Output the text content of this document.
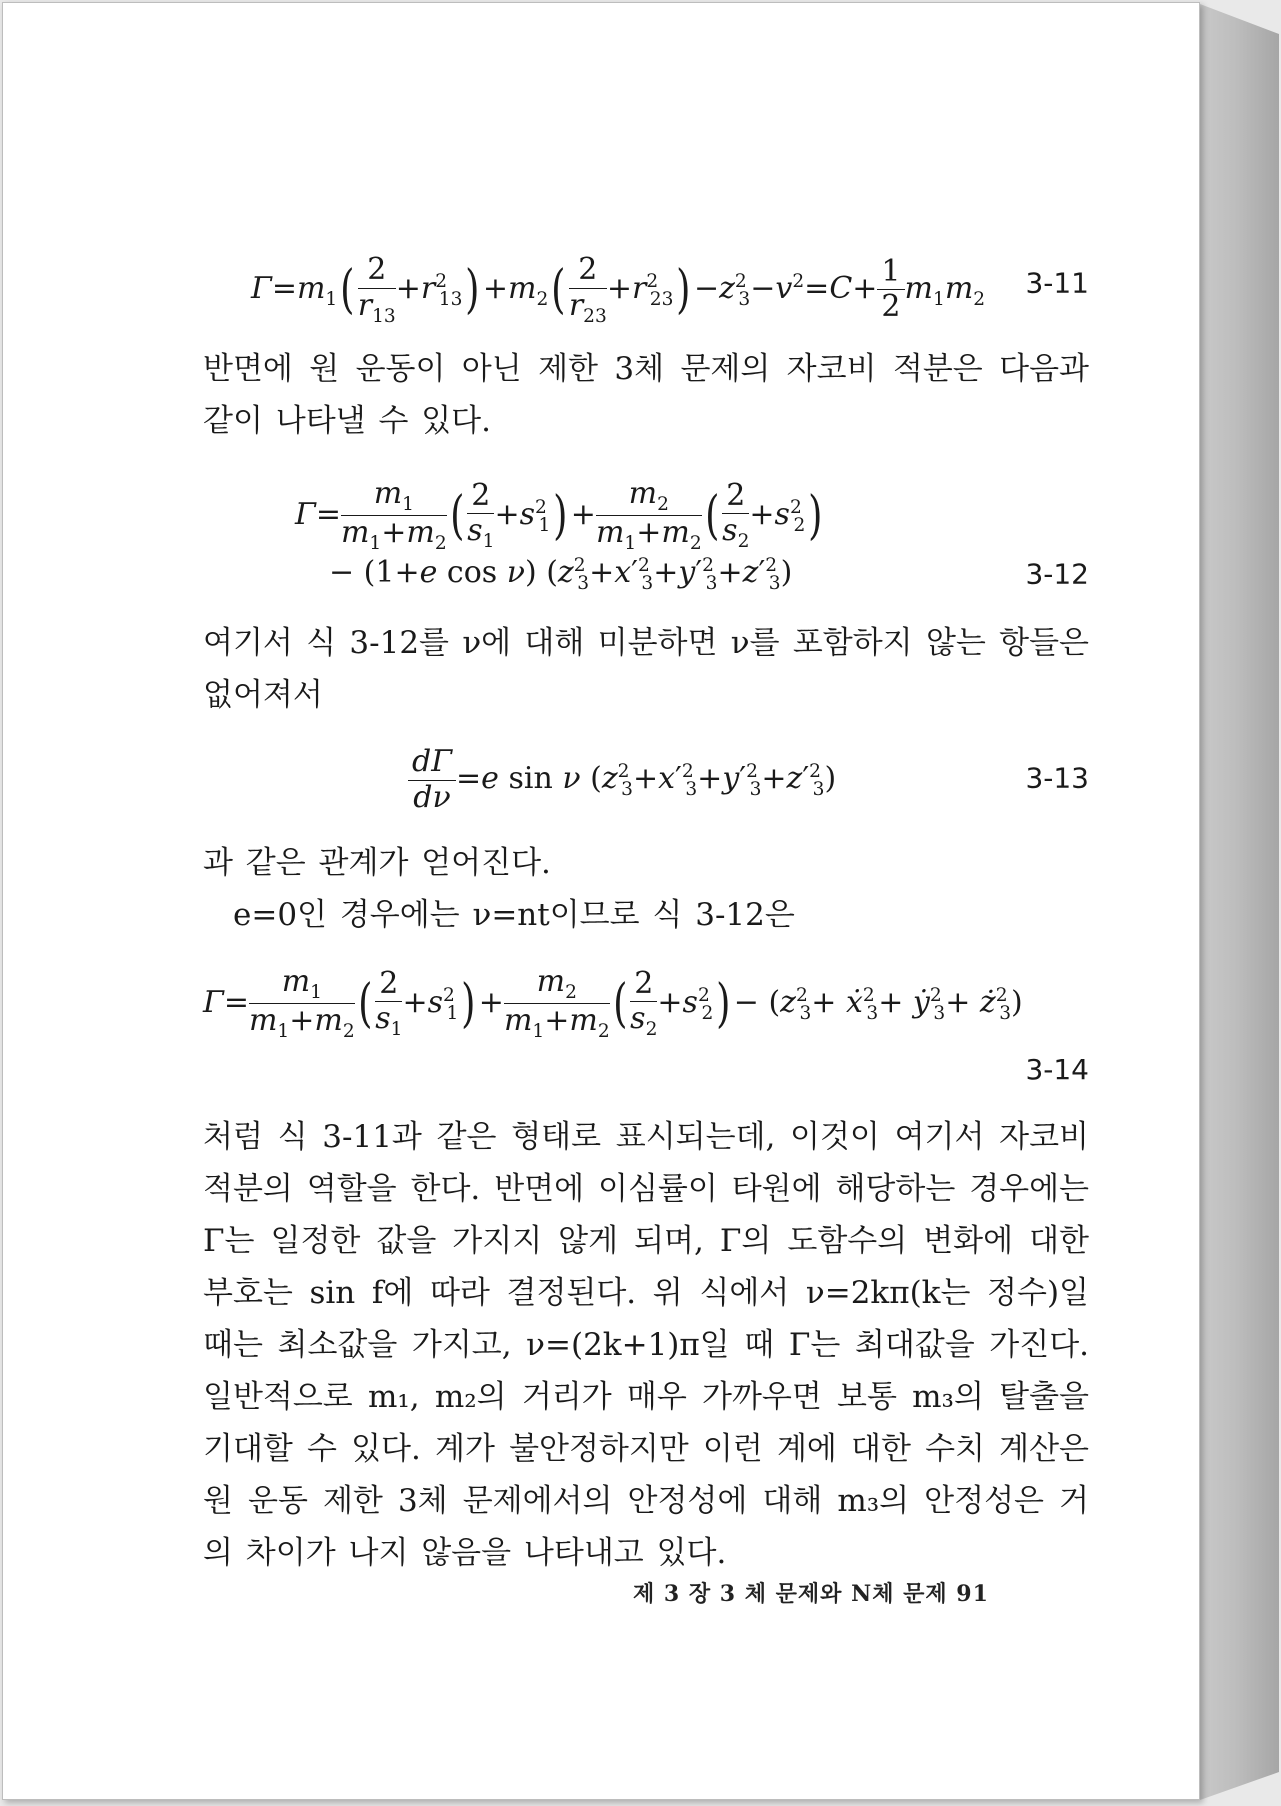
$\Gamma=m_1( \frac{2}{r_{13}} +r^2_{13}) +m_2( \frac{2}{r_{23}} +r^2_{23}) -z^2_3-v^2=C+ \frac{1}{2} m_1m_2$ 3-11
반면에 원 운동이 아닌 제한 3체 문제의 자코비 적분은 다음과 같이 나타낼 수 있다.
$\Gamma= \frac{m_1}{m_1+m_2}$ ( $\frac{2}{s_1} +s^2_1) + \frac{m_2}{m_1+m_2}$ ( $\frac{2}{s_2} +s^2_2$)
− (1+e cos ν) $(z^2_3+x'^2_3+y'^2_3+z'^2_3)$	3-12
여기서 식 3-12를 ν에 대해 미분하면 ν를 포함하지 않는 항들은 없어져서
$\frac{d\Gamma}{d\nu} =e$ sin ν $(z^2_3+x'^2_3+y'^2_3+z'^2_3)$	3-13
과 같은 관계가 얻어진다.
e=0인 경우에는 ν=nt이므로 식 3-12은
$\Gamma= \frac{m_1}{m_1+m_2}$ ( $\frac{2}{s_1} +s^2_1) + \frac{m_2}{m_1+m_2}$ ( $\frac{2}{s_2} +s^2_2) - (z^2_3+$ ẋ$^2_3$+ ẏ$^2_3$+ $ż^2_3$)
3-14
처럼 식 3-11과 같은 형태로 표시되는데, 이것이 여기서 자코비 적분의 역할을 한다. 반면에 이심률이 타원에 해당하는 경우에는 Γ는 일정한 값을 가지지 않게 되며, Γ의 도함수의 변화에 대한 부호는 sin f에 따라 결정된다. 위 식에서 ν=2kπ(k는 정수)일 때는 최소값을 가지고, ν=(2k+1)π일 때 Γ는 최대값을 가진다. 일반적으로 m₁, m₂의 거리가 매우 가까우면 보통 m₃의 탈출을 기대할 수 있다. 계가 불안정하지만 이런 계에 대한 수치 계산은 원 운동 제한 3체 문제에서의 안정성에 대해 m₃의 안정성은 거의 차이가 나지 않음을 나타내고 있다.
제 3 장 3 체 문제와 N체 문제 91
